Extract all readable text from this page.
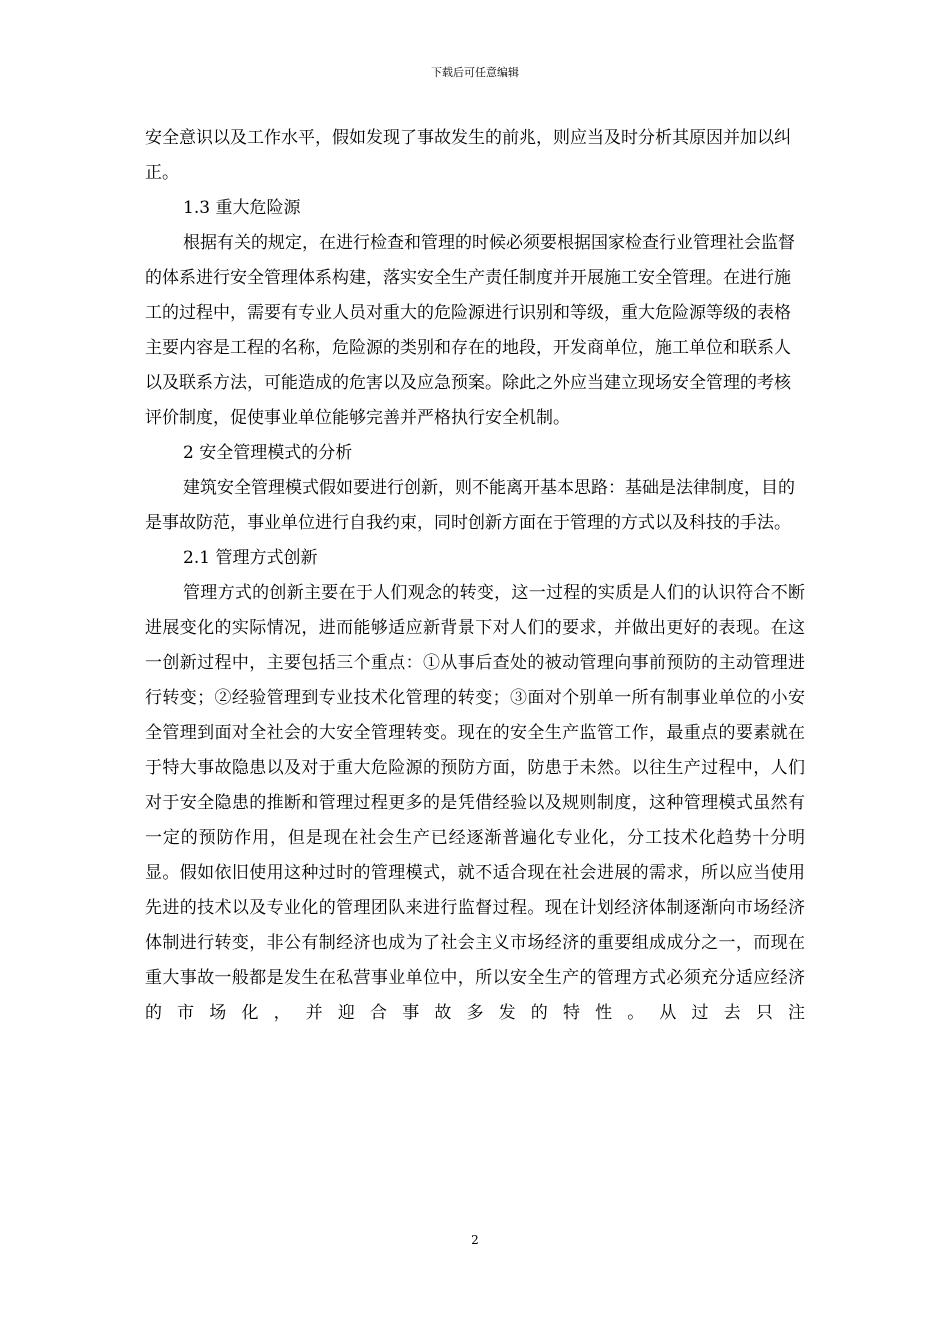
下载后可任意编辑

安全意识以及工作水平，假如发现了事故发生的前兆，则应当及时分析其原因并加以纠正。

1.3 重大危险源

根据有关的规定，在进行检查和管理的时候必须要根据国家检查行业管理社会监督的体系进行安全管理体系构建，落实安全生产责任制度并开展施工安全管理。在进行施工的过程中，需要有专业人员对重大的危险源进行识别和等级，重大危险源等级的表格主要内容是工程的名称，危险源的类别和存在的地段，开发商单位，施工单位和联系人以及联系方法，可能造成的危害以及应急预案。除此之外应当建立现场安全管理的考核评价制度，促使事业单位能够完善并严格执行安全机制。

2 安全管理模式的分析

建筑安全管理模式假如要进行创新，则不能离开基本思路：基础是法律制度，目的是事故防范，事业单位进行自我约束，同时创新方面在于管理的方式以及科技的手法。

2.1 管理方式创新

管理方式的创新主要在于人们观念的转变，这一过程的实质是人们的认识符合不断进展变化的实际情况，进而能够适应新背景下对人们的要求，并做出更好的表现。在这一创新过程中，主要包括三个重点：①从事后查处的被动管理向事前预防的主动管理进行转变；②经验管理到专业技术化管理的转变；③面对个别单一所有制事业单位的小安全管理到面对全社会的大安全管理转变。现在的安全生产监管工作，最重点的要素就在于特大事故隐患以及对于重大危险源的预防方面，防患于未然。以往生产过程中，人们对于安全隐患的推断和管理过程更多的是凭借经验以及规则制度，这种管理模式虽然有一定的预防作用，但是现在社会生产已经逐渐普遍化专业化，分工技术化趋势十分明显。假如依旧使用这种过时的管理模式，就不适合现在社会进展的需求，所以应当使用先进的技术以及专业化的管理团队来进行监督过程。现在计划经济体制逐渐向市场经济体制进行转变，非公有制经济也成为了社会主义市场经济的重要组成成分之一，而现在重大事故一般都是发生在私营事业单位中，所以安全生产的管理方式必须充分适应经济的市场化，并迎合事故多发的特性。从过去只注

2
